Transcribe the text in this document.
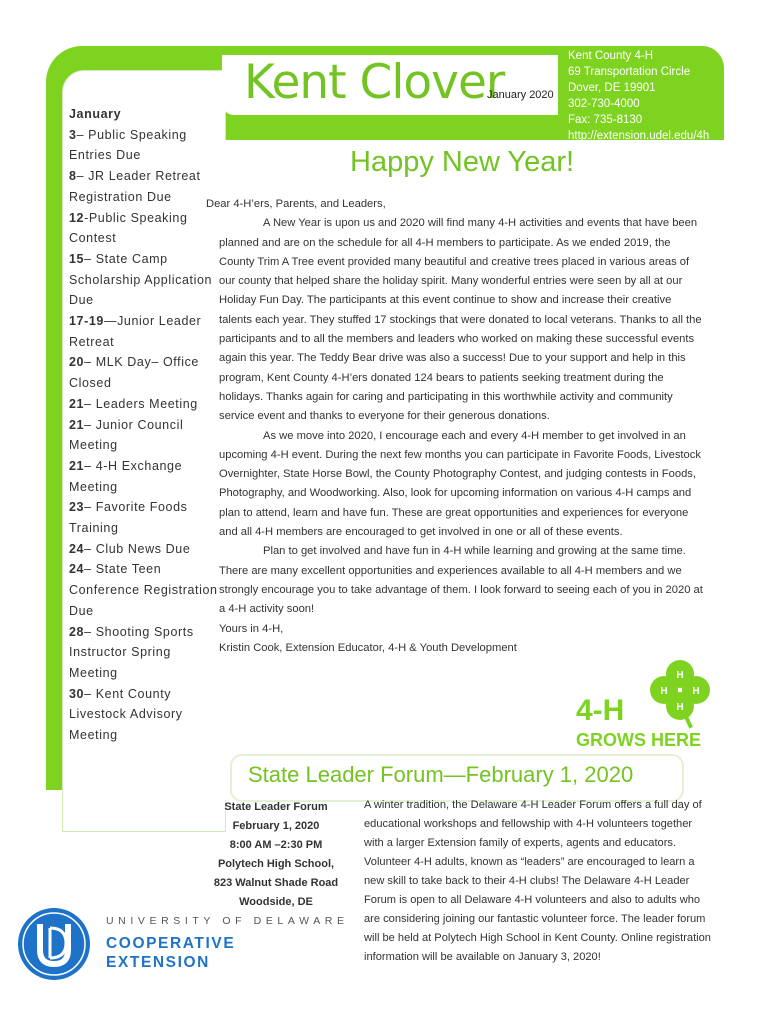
Kent Clover
January 2020
Kent County 4-H
69 Transportation Circle
Dover, DE 19901
302-730-4000
Fax: 735-8130
http://extension.udel.edu/4h
January
3– Public Speaking Entries Due
8– JR Leader Retreat Registration Due
12-Public Speaking Contest
15– State Camp Scholarship Application Due
17-19—Junior Leader Retreat
20– MLK Day– Office Closed
21– Leaders Meeting
21– Junior Council Meeting
21– 4-H Exchange Meeting
23– Favorite Foods Training
24– Club News Due
24– State Teen Conference Registration Due
28– Shooting Sports Instructor Spring Meeting
30– Kent County Livestock Advisory Meeting
Happy New Year!

Dear 4-H’ers, Parents, and Leaders,

A New Year is upon us and 2020 will find many 4-H activities and events that have been planned and are on the schedule for all 4-H members to participate. As we ended 2019, the County Trim A Tree event provided many beautiful and creative trees placed in various areas of our county that helped share the holiday spirit. Many wonderful entries were seen by all at our Holiday Fun Day. The participants at this event continue to show and increase their creative talents each year. They stuffed 17 stockings that were donated to local veterans. Thanks to all the participants and to all the members and leaders who worked on making these successful events again this year. The Teddy Bear drive was also a success! Due to your support and help in this program, Kent County 4-H’ers donated 124 bears to patients seeking treatment during the holidays. Thanks again for caring and participating in this worthwhile activity and community service event and thanks to everyone for their generous donations.

As we move into 2020, I encourage each and every 4-H member to get involved in an upcoming 4-H event. During the next few months you can participate in Favorite Foods, Livestock Overnighter, State Horse Bowl, the County Photography Contest, and judging contests in Foods, Photography, and Woodworking. Also, look for upcoming information on various 4-H camps and plan to attend, learn and have fun. These are great opportunities and experiences for everyone and all 4-H members are encouraged to get involved in one or all of these events.

Plan to get involved and have fun in 4-H while learning and growing at the same time. There are many excellent opportunities and experiences available to all 4-H members and we strongly encourage you to take advantage of them. I look forward to seeing each of you in 2020 at a 4-H activity soon!

Yours in 4-H,

Kristin Cook, Extension Educator, 4-H & Youth Development

H
H
H
H
4-H
GROWS HERE
State Leader Forum—February 1, 2020
State Leader Forum
February 1, 2020
8:00 AM –2:30 PM
Polytech High School,
823 Walnut Shade Road
Woodside, DE
A winter tradition, the Delaware 4-H Leader Forum offers a full day of educational workshops and fellowship with 4-H volunteers together with a larger Extension family of experts, agents and educators. Volunteer 4-H adults, known as “leaders” are encouraged to learn a new skill to take back to their 4-H clubs! The Delaware 4-H Leader Forum is open to all Delaware 4-H volunteers and also to adults who are considering joining our fantastic volunteer force. The leader forum will be held at Polytech High School in Kent County. Online registration information will be available on January 3, 2020!
UNIVERSITY OF DELAWARE
COOPERATIVE
EXTENSION
